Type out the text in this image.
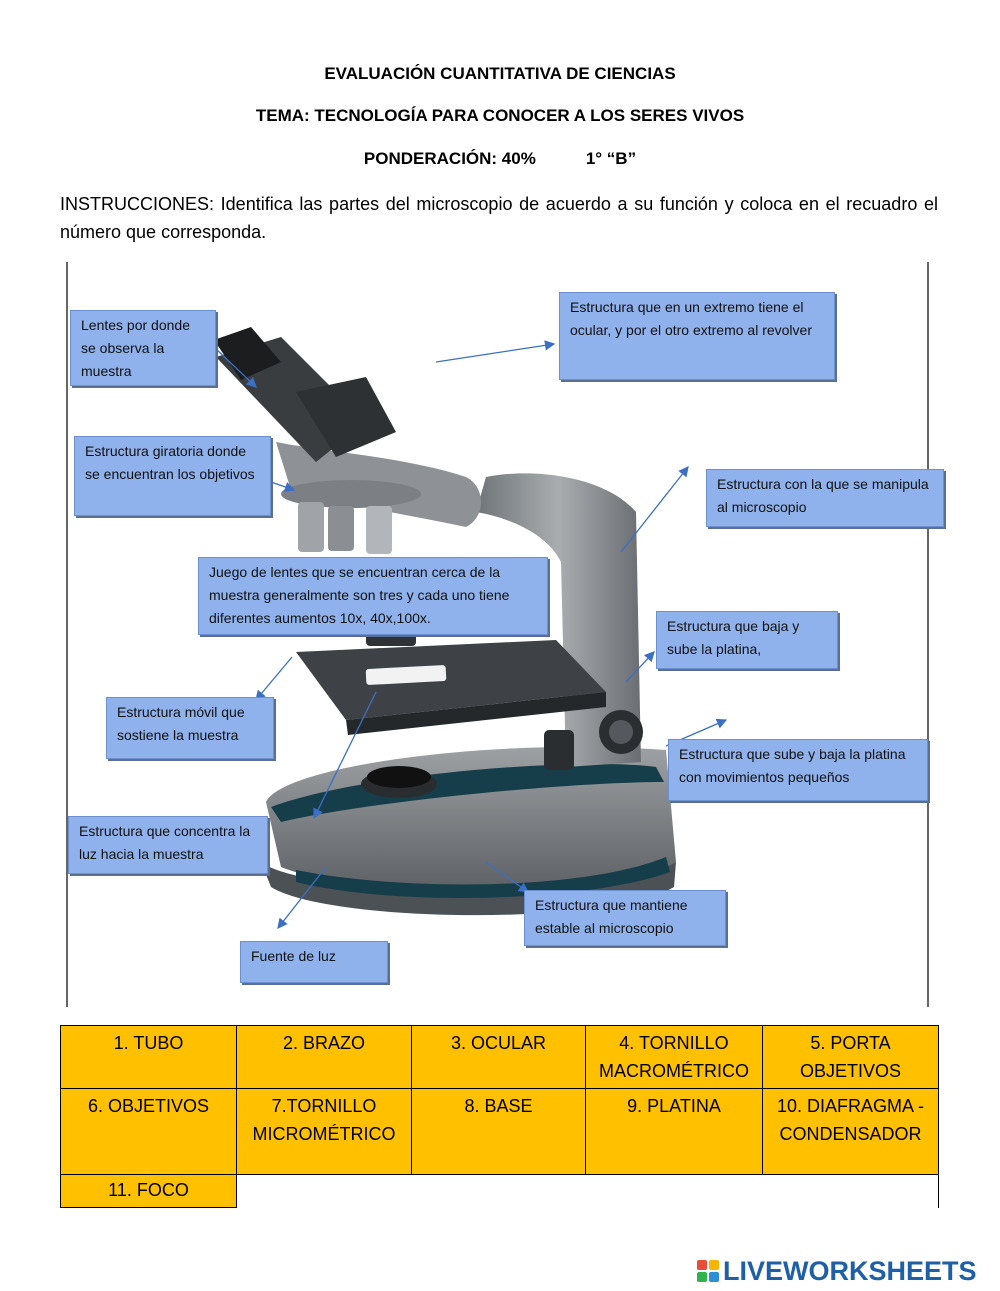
EVALUACIÓN CUANTITATIVA DE CIENCIAS
TEMA: TECNOLOGÍA PARA CONOCER A LOS SERES VIVOS
PONDERACIÓN: 40%	1° “B”
INSTRUCCIONES: Identifica las partes del microscopio de acuerdo a su función y coloca en el recuadro el número que corresponda.
Lentes por donde se observa la muestra
Estructura que en un extremo tiene el ocular, y por el otro extremo al revolver
Estructura giratoria donde se encuentran los objetivos
Estructura con la que se manipula al microscopio
Juego de lentes que se encuentran cerca de la muestra generalmente son tres y cada uno tiene diferentes aumentos 10x, 40x,100x.	Estructura que baja y sube la platina,
Estructura móvil que sostiene la muestra
Estructura que sube y baja la platina con movimientos pequeños
Estructura que concentra la luz hacia la muestra
Estructura que mantiene estable al microscopio
Fuente de luz
1. TUBO	2. BRAZO	3. OCULAR	4. TORNILLO MACROMÉTRICO	5. PORTA OBJETIVOS
6. OBJETIVOS	7.TORNILLO MICROMÉTRICO	8. BASE	9. PLATINA	10. DIAFRAGMA - CONDENSADOR
11. FOCO				
LIVEWORKSHEETS
